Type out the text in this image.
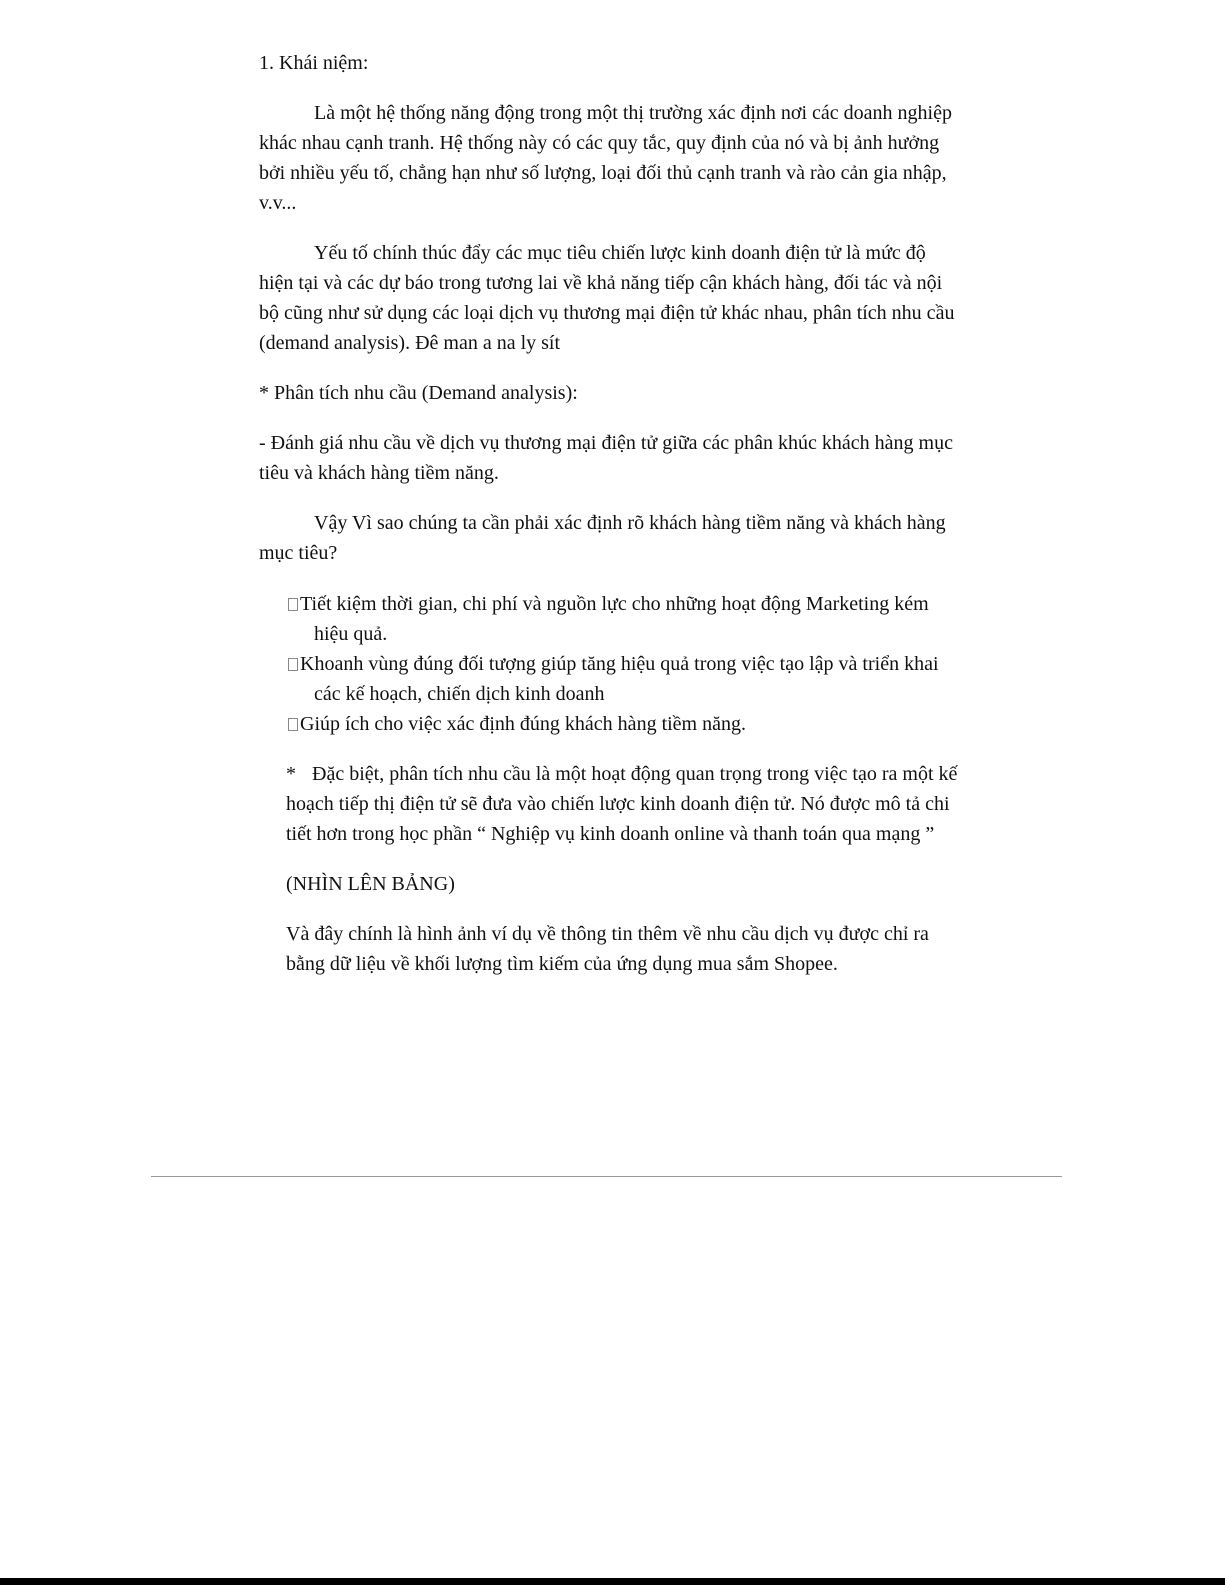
1. Khái niệm:

Là một hệ thống năng động trong một thị trường xác định nơi các doanh nghiệp khác nhau cạnh tranh. Hệ thống này có các quy tắc, quy định của nó và bị ảnh hưởng bởi nhiều yếu tố, chẳng hạn như số lượng, loại đối thủ cạnh tranh và rào cản gia nhập, v.v...

Yếu tố chính thúc đẩy các mục tiêu chiến lược kinh doanh điện tử là mức độ hiện tại và các dự báo trong tương lai về khả năng tiếp cận khách hàng, đối tác và nội bộ cũng như sử dụng các loại dịch vụ thương mại điện tử khác nhau, phân tích nhu cầu (demand analysis). Đê man a na ly sít

* Phân tích nhu cầu (Demand analysis):

- Đánh giá nhu cầu về dịch vụ thương mại điện tử giữa các phân khúc khách hàng mục tiêu và khách hàng tiềm năng.

Vậy Vì sao chúng ta cần phải xác định rõ khách hàng tiềm năng và khách hàng mục tiêu?

Tiết kiệm thời gian, chi phí và nguồn lực cho những hoạt động Marketing kém hiệu quả.
Khoanh vùng đúng đối tượng giúp tăng hiệu quả trong việc tạo lập và triển khai các kế hoạch, chiến dịch kinh doanh
Giúp ích cho việc xác định đúng khách hàng tiềm năng.

* Đặc biệt, phân tích nhu cầu là một hoạt động quan trọng trong việc tạo ra một kế hoạch tiếp thị điện tử sẽ đưa vào chiến lược kinh doanh điện tử. Nó được mô tả chi tiết hơn trong học phần “ Nghiệp vụ kinh doanh online và thanh toán qua mạng ”

(NHÌN LÊN BẢNG)

Và đây chính là hình ảnh ví dụ về thông tin thêm về nhu cầu dịch vụ được chỉ ra bằng dữ liệu về khối lượng tìm kiếm của ứng dụng mua sắm Shopee.
